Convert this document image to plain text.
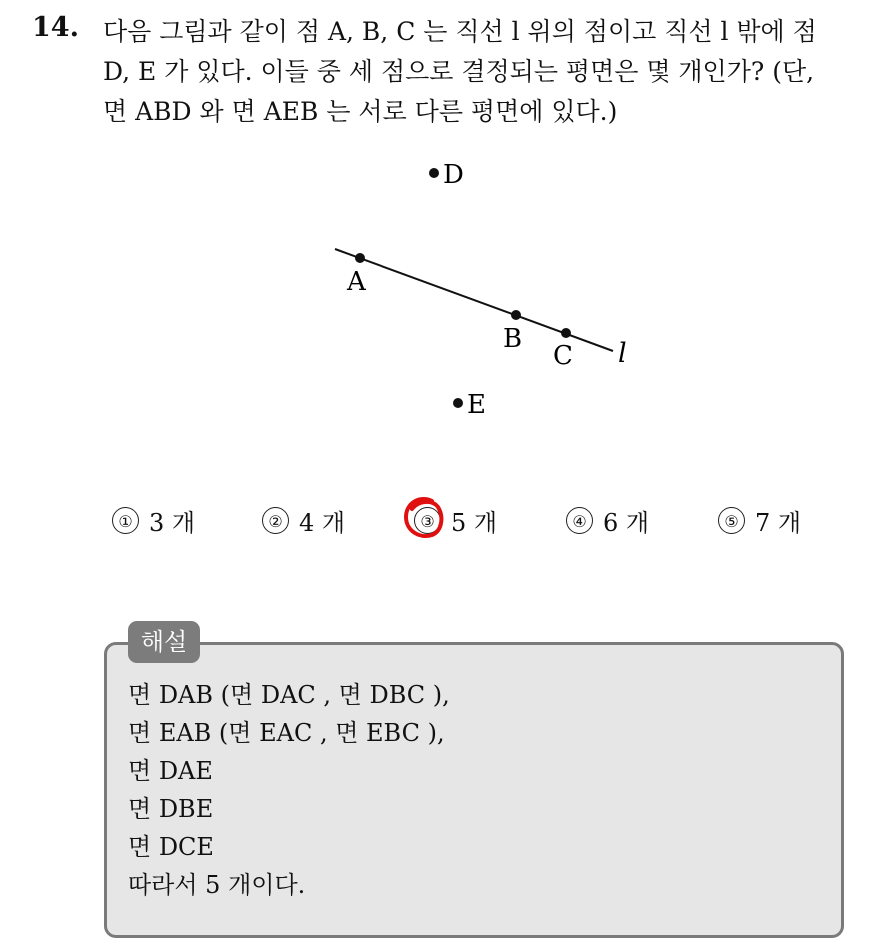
14. 다음 그림과 같이 점 A, B, C 는 직선 l 위의 점이고 직선 l 밖에 점
D, E 가 있다. 이들 중 세 점으로 결정되는 평면은 몇 개인가? (단,
면 ABD 와 면 AEB 는 서로 다른 평면에 있다.)
D
A
B
C l
E
① 3 개	② 4 개	③ 5 개	④ 6 개	⑤ 7 개
해설
면 DAB (면 DAC , 면 DBC ),
면 EAB (면 EAC , 면 EBC ),
면 DAE
면 DBE
면 DCE
따라서 5 개이다.
